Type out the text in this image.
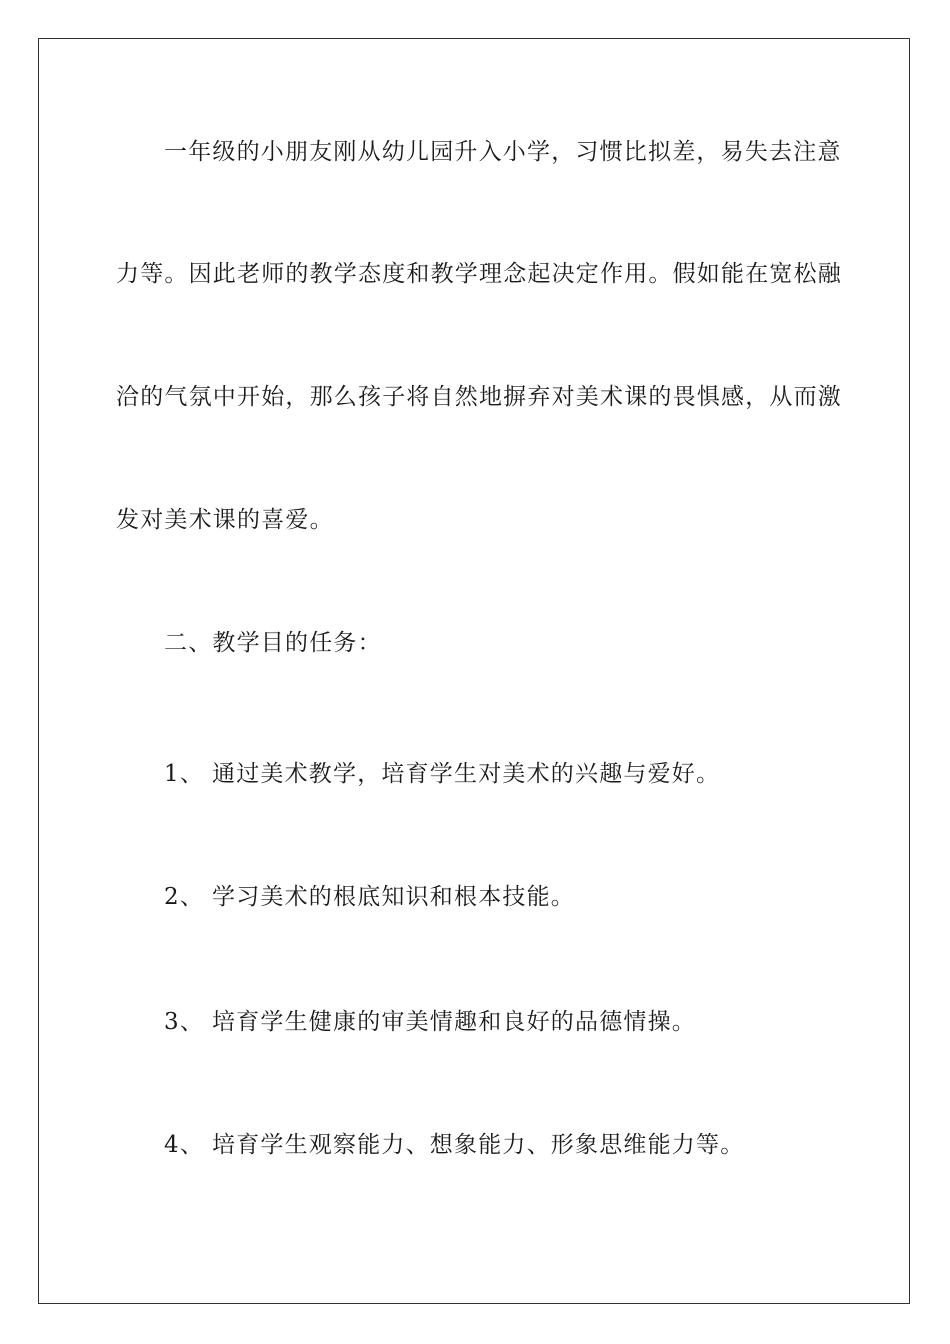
一年级的小朋友刚从幼儿园升入小学，习惯比拟差，易失去注意
力等。因此老师的教学态度和教学理念起决定作用。假如能在宽松融
洽的气氛中开始，那么孩子将自然地摒弃对美术课的畏惧感，从而激
发对美术课的喜爱。
二、教学目的任务：
1、 通过美术教学，培育学生对美术的兴趣与爱好。
2、 学习美术的根底知识和根本技能。
3、 培育学生健康的审美情趣和良好的品德情操。
4、 培育学生观察能力、想象能力、形象思维能力等。
